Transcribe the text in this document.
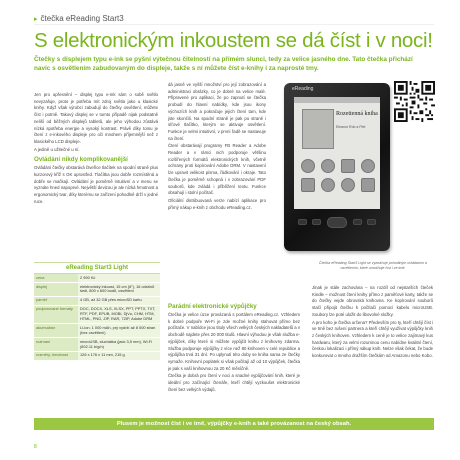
▸ čtečka eReading Start3
S elektronickým inkoustem se dá číst i v noci!
Čtečky s displejem typu e-ink se pyšní výtečnou čitelností na přímém slunci, tedy za velice jasného dne. Tato čtečka přichází navíc s osvětlením zabudovaným do displeje, takže s ní můžete číst e-knihy i za naprosté tmy.

Jen pro upřesnění – displej typu e-ink sám o sobě světlo nevyzařuje, proto je potřeba mít zdroj světla jako u klasické knihy. Když však výrobci zabudují do čtečky osvětlení, můžete číst i potmě. Takový displej se v tomto případě nijak podstatně neliší od běžných displejů tabletů, ale jeho výhodou zůstává nízká spotřeba energie a vysoký kontrast. Právě díky tomu je čtení z e-inkového displeje pro oči mnohem příjemnější než z klasického LCD displeje.

A jedině u užitečné u ní.

Ovládání nikdy komplikovanější

Ovládání čtečky obstarává čtveřice tlačítek na spodní straně plus kurzorový kříž s OK uprostřed. Tlačítka jsou dobře rozmístěná a dobře se mačkají. Ovládání je poměrně intuitivní a v menu se vyznáte hned napoprvé. Největší devizou je ale nízká hmotnost a ergonomický tvar, díky kterému se zařízení pohodlně drží v jedné ruce.

eReading Start3 Light
cena	2 990 Kč
displej	elektronický inkoust, 15 cm (6"), 16 odstínů šedi, 800 x 600 bodů, osvětlení
paměť	4 GB, až 32 GB přes microSD kartu
podporované formáty	DOC, DOCX, XLS, XLSX, PPT, PPTX, TXT, RTF, PDF, EPUB, MOBI, DjVu, CHM, HTM, HTML, PNG, ZIP, RAR, 7ZIP, Adobe DRM
akumulátor	Li-ion, 1 000 mAh, prý vydrží až 8 000 stran (bez osvětlení)
rozhraní	microUSB, sluchátka (jack 3,5 mm), Wi-Fi (802.11 b/g/n)
rozměry, hmotnost	126 x 176 x 11 mm, 215 g

dá jasně ve vyšší množství pro její zobrazování a administraci obrázky, co je dobré na velice malé. Připravené pro aplikaci, že po zapnutí se čtečka probudí do hlavní nabídky, kde jsou ikony výchozích knih a pokračuje jejich čtení tam, kde jste skončili. Na spodní straně je pak po straně i síťové tlačítko, kterým se aktivuje osvětlení. Funkce je velmi intuitivní, v první řadě se nastavuje na čtení.

Čtení obstarávají programy FB Reader a Adobe Reader a v rámci nich podporuje většinu rozšířených formátů elektronických knih, včetně ochrany proti kopírování Adobe DRM. V nastavení lze upravit velikost písma, řádkování i okraje. Tato čtečka je poměrně schopná i v zobrazování PDF souborů, kde zvládá i přiblížení textu. Funkce obsahují i stolní počítač.

Oficiální distribuovaná verze nabízí aplikace pro přímý nákup e-knih z obchodu eReading.cz.

Parádní elektronické výpůjčky

Čtečka je velice úzce provázaná s portálem eReading.cz. Vzhledem k dobré podpoře Wi-Fi je zde možné knihy stahovat přímo bez počítače. V nabídce jsou tituly všech velkých českých nakladatelů a v obchodě najdete přes 20 000 titulů. Hlavní výhodou je však služba e-výpůjček, díky které si můžete vypůjčit knihu z knihovny zdarma. Služba podporuje výpůjčky z více než 80 knihoven v celé republice a výpůjčka trvá 31 dní. Po uplynutí této doby se kniha sama ze čtečky vymaže. Knihovní poplatek si však počítají až od 10 výpůjček, čtečka je pak s vaší knihovnou za 20 Kč měsíčně.

Čtečka je dobrá pro čtení v noci a snadné vypůjčování knih, které je ideální pro začínající čtenáře, kteří chtějí vyzkoušet elektronické čtení bez velkých výdajů.

eReading
Rozettenná kniha
Eleanor Rob a Piet
Čtečka eReading Start3 Light se vyznačuje pohodlným ovládáním a osvětlením, které umožňuje číst i ve tmě.

Jinak je stále zachována – na rozdíl od nejstarších čteček Kindle – možnost čtení knihy přímo z paměťové karty, takže se do čtečky vejde obrovská knihovna. Ke kopírování souborů stačí připojit čtečku k počítači pomocí kabelu microUSB. Soubory lze poté uložit do libovolné složky.

A pro koho je čtečka určena? Především pro ty, kteří chtějí číst i ve tmě bez rušení partnera a kteří chtějí využívat výpůjčky knih z českých knihoven. Vzhledem k ceně je to velice zajímavý kus hardwaru, který za velmi rozumnou cenu nabídne kvalitní čtení, českou lokalizaci i přímý nákup knih. Nelze však čekat, že bude konkurovat o mnoho dražším čtečkám od Amazonu nebo Kobo.

Plusem je možnost číst i ve tmě, výpůjčky e-knih a také provázanost na český obsah.
8
